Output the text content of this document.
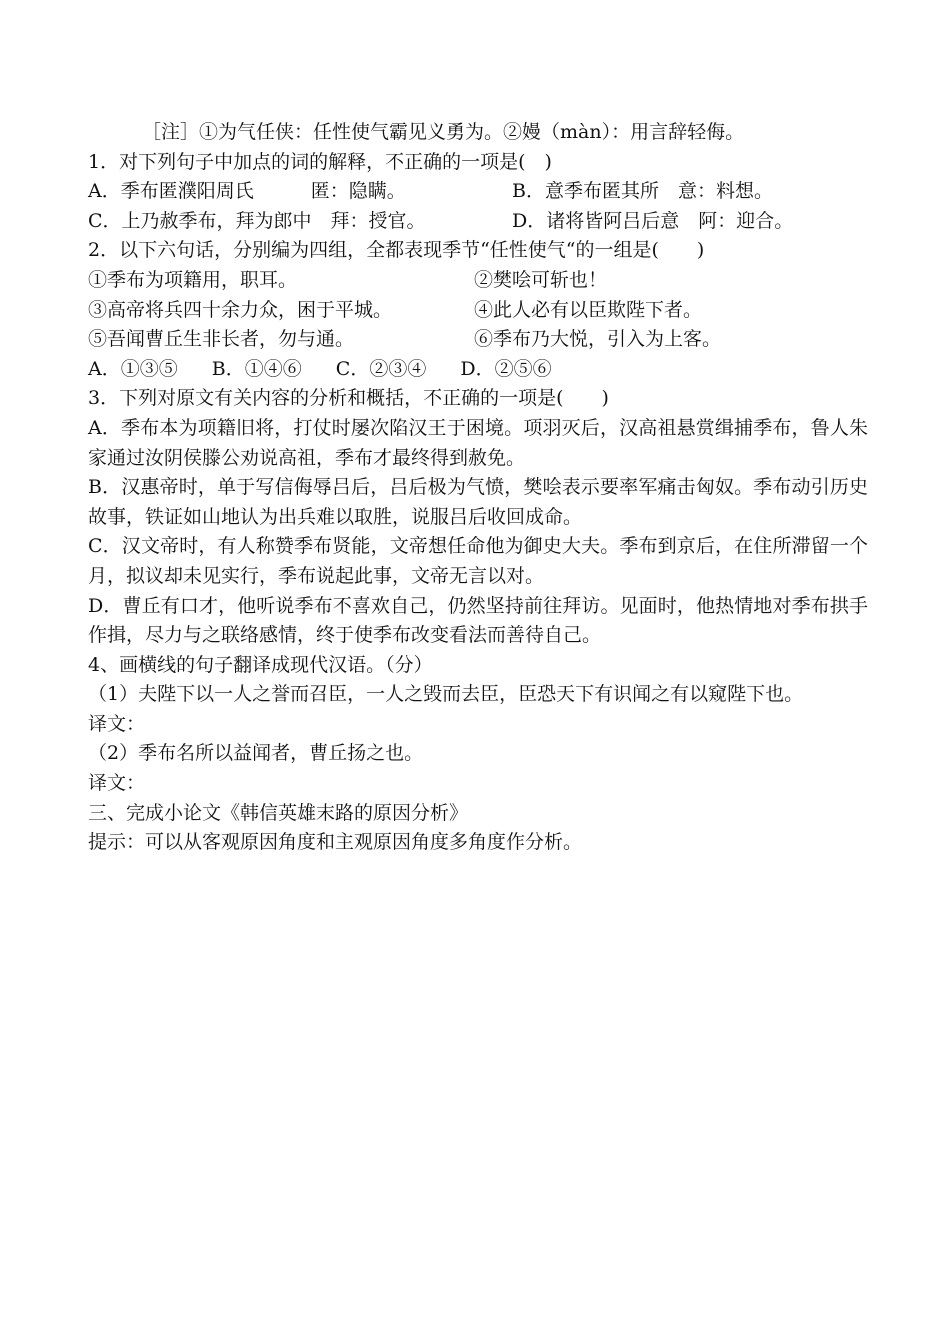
［注］①为气任侠：任性使气霸见义勇为。②嫚（màn）：用言辞轻侮。
1．对下列句子中加点的词的解释，不正确的一项是(　)
A．季布匿濮阳周氏　　　匿：隐瞒。	B．意季布匿其所　意：料想。
C．上乃赦季布，拜为郎中　拜：授官。	D．诸将皆阿吕后意　阿：迎合。
2．以下六句话，分别编为四组，全都表现季节“任性使气“的一组是(　　)
①季布为项籍用，职耳。	②樊哙可斩也！
③高帝将兵四十余力众，困于平城。	④此人必有以臣欺陛下者。
⑤吾闻曹丘生非长者，勿与通。	⑥季布乃大悦，引入为上客。
A．①③⑤ B．①④⑥ C．②③④ D．②⑤⑥
3．下列对原文有关内容的分析和概括，不正确的一项是(　　)
A．季布本为项籍旧将，打仗时屡次陷汉王于困境。项羽灭后，汉高祖悬赏缉捕季布，鲁人朱家通过汝阴侯滕公劝说高祖，季布才最终得到赦免。
B．汉惠帝时，单于写信侮辱吕后，吕后极为气愤，樊哙表示要率军痛击匈奴。季布动引历史故事，铁证如山地认为出兵难以取胜，说服吕后收回成命。
C．汉文帝时，有人称赞季布贤能，文帝想任命他为御史大夫。季布到京后，在住所滞留一个月，拟议却未见实行，季布说起此事，文帝无言以对。
D．曹丘有口才，他听说季布不喜欢自己，仍然坚持前往拜访。见面时，他热情地对季布拱手作揖，尽力与之联络感情，终于使季布改变看法而善待自己。
4、画横线的句子翻译成现代汉语。（分）
（1）夫陛下以一人之誉而召臣，一人之毁而去臣，臣恐天下有识闻之有以窥陛下也。
译文：
（2）季布名所以益闻者，曹丘扬之也。
译文：
三、完成小论文《韩信英雄末路的原因分析》
提示：可以从客观原因角度和主观原因角度多角度作分析。
